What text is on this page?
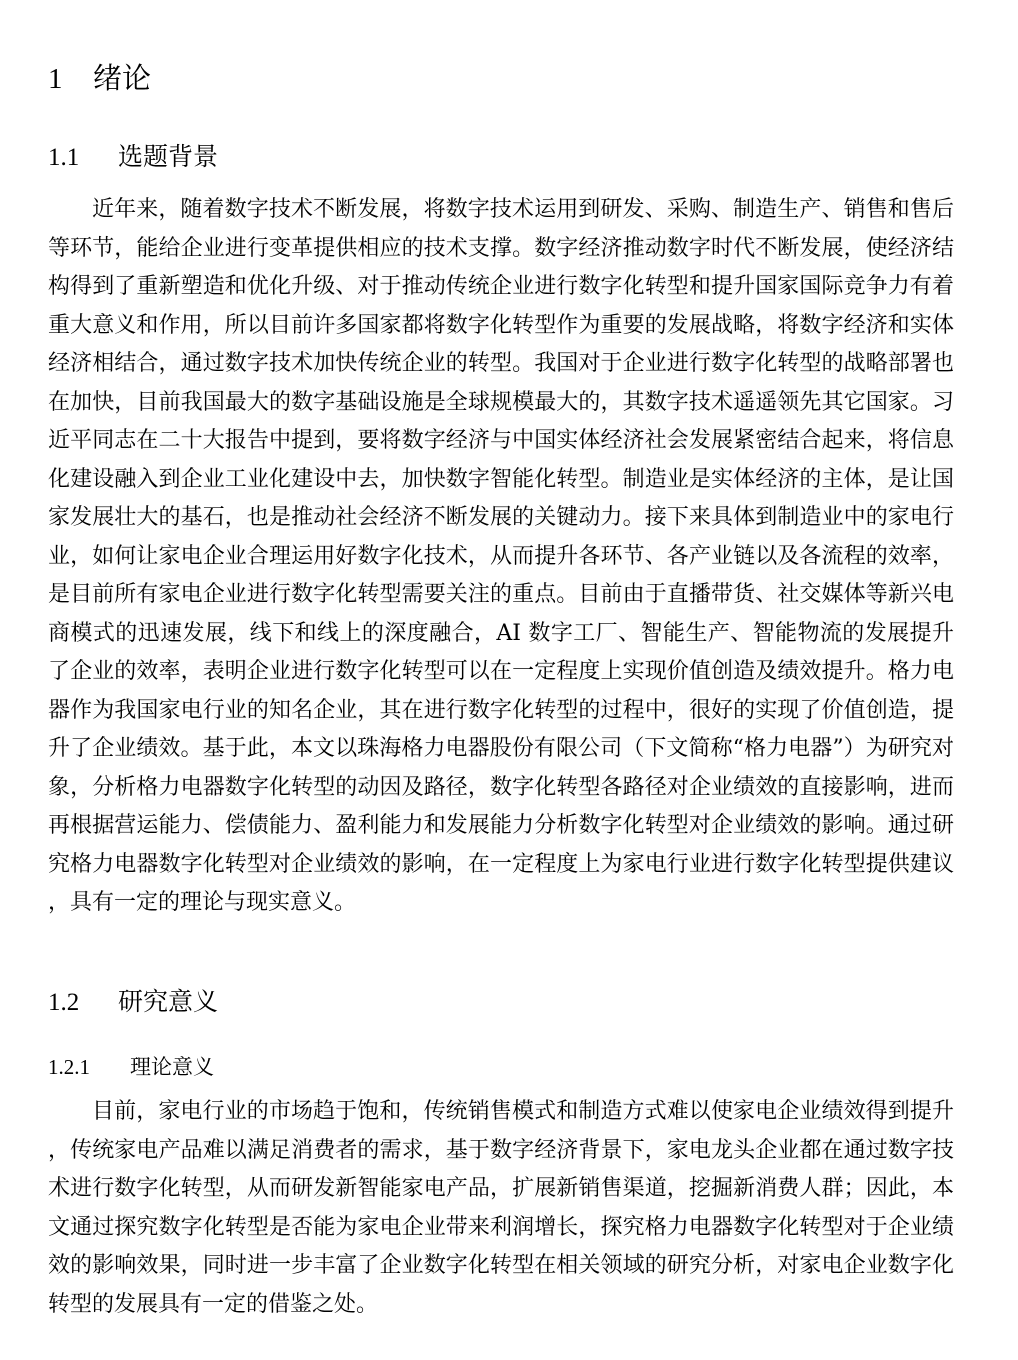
1 绪论
1.1 选题背景

近年来，随着数字技术不断发展，将数字技术运用到研发、采购、制造生产、销售和售后等环节，能给企业进行变革提供相应的技术支撑。数字经济推动数字时代不断发展，使经济结构得到了重新塑造和优化升级、对于推动传统企业进行数字化转型和提升国家国际竞争力有着重大意义和作用，所以目前许多国家都将数字化转型作为重要的发展战略，将数字经济和实体经济相结合，通过数字技术加快传统企业的转型。我国对于企业进行数字化转型的战略部署也在加快，目前我国最大的数字基础设施是全球规模最大的，其数字技术遥遥领先其它国家。习近平同志在二十大报告中提到，要将数字经济与中国实体经济社会发展紧密结合起来，将信息化建设融入到企业工业化建设中去，加快数字智能化转型。制造业是实体经济的主体，是让国家发展壮大的基石，也是推动社会经济不断发展的关键动力。接下来具体到制造业中的家电行业，如何让家电企业合理运用好数字化技术，从而提升各环节、各产业链以及各流程的效率，是目前所有家电企业进行数字化转型需要关注的重点。目前由于直播带货、社交媒体等新兴电商模式的迅速发展，线下和线上的深度融合，AI 数字工厂、智能生产、智能物流的发展提升了企业的效率，表明企业进行数字化转型可以在一定程度上实现价值创造及绩效提升。格力电器作为我国家电行业的知名企业，其在进行数字化转型的过程中，很好的实现了价值创造，提升了企业绩效。基于此，本文以珠海格力电器股份有限公司（下文简称“格力电器”）为研究对象，分析格力电器数字化转型的动因及路径，数字化转型各路径对企业绩效的直接影响，进而再根据营运能力、偿债能力、盈利能力和发展能力分析数字化转型对企业绩效的影响。通过研究格力电器数字化转型对企业绩效的影响，在一定程度上为家电行业进行数字化转型提供建议，具有一定的理论与现实意义。

1.2 研究意义
1.2.1 理论意义

目前，家电行业的市场趋于饱和，传统销售模式和制造方式难以使家电企业绩效得到提升，传统家电产品难以满足消费者的需求，基于数字经济背景下，家电龙头企业都在通过数字技术进行数字化转型，从而研发新智能家电产品，扩展新销售渠道，挖掘新消费人群；因此，本文通过探究数字化转型是否能为家电企业带来利润增长，探究格力电器数字化转型对于企业绩效的影响效果，同时进一步丰富了企业数字化转型在相关领域的研究分析，对家电企业数字化转型的发展具有一定的借鉴之处。
